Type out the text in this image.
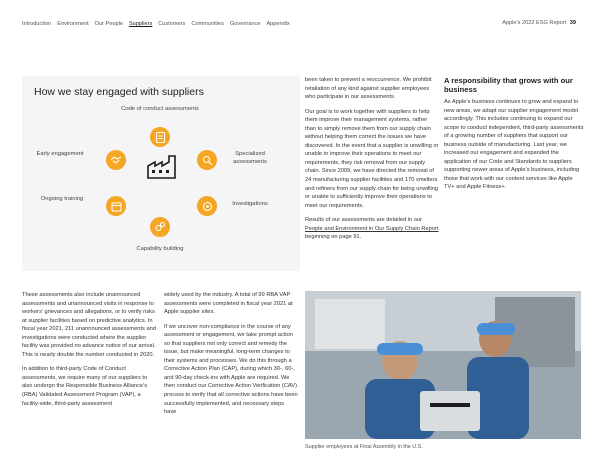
Introduction Environment Our People Suppliers Customers Communities Governance Appendix	Apple’s 2022 ESG Report 39
How we stay engaged with suppliers
Code of conduct assessments
Early engagement	Specialized assessments
Ongoing training
Investigations
Capability building

been taken to prevent a reoccurrence. We prohibit retaliation of any kind against supplier employees who participate in our assessments.

Our goal is to work together with suppliers to help them improve their management systems, rather than to simply remove them from our supply chain without helping them correct the issues we have discovered. In the event that a supplier is unwilling or unable to improve their operations to meet our requirements, they risk removal from our supply chain. Since 2009, we have directed the removal of 24 manufacturing supplier facilities and 170 smelters and refiners from our supply chain for being unwilling or unable to sufficiently improve their operations to meet our requirements.

Results of our assessments are detailed in our People and Environment in Our Supply Chain Report beginning on page 91.

A responsibility that grows with our business

As Apple’s business continues to grow and expand to new areas, we adapt our supplier engagement model accordingly. This includes continuing to expand our scope to conduct independent, third-party assessments of a growing number of suppliers that support our business outside of manufacturing. Last year, we increased our engagement and expanded the application of our Code and Standards to suppliers supporting newer areas of Apple’s business, including those that work with our content services like Apple TV+ and Apple Fitness+.

These assessments also include unannounced assessments and unannounced visits in response to workers’ grievances and allegations, or to verify risks at supplier facilities based on predictive analytics. In fiscal year 2021, 211 unannounced assessments and investigations were conducted where the supplier facility was provided no advance notice of our arrival. This is nearly double the number conducted in 2020.

In addition to third-party Code of Conduct assessments, we require many of our suppliers to also undergo the Responsible Business Alliance’s (RBA) Validated Assessment Program (VAP), a facility-wide, third-party assessment

widely used by the industry. A total of 99 RBA VAP assessments were completed in fiscal year 2021 at Apple supplier sites.

If we uncover non-compliance in the course of any assessment or engagement, we take prompt action so that suppliers not only correct and remedy the issue, but make meaningful, long-term changes to their systems and processes. We do this through a Corrective Action Plan (CAP), during which 30-, 60-, and 90-day check-ins with Apple are required. We then conduct our Corrective Action Verification (CAV) process to verify that all corrective actions have been successfully implemented, and necessary steps have

Supplier employees at Final Assembly in the U.S.
